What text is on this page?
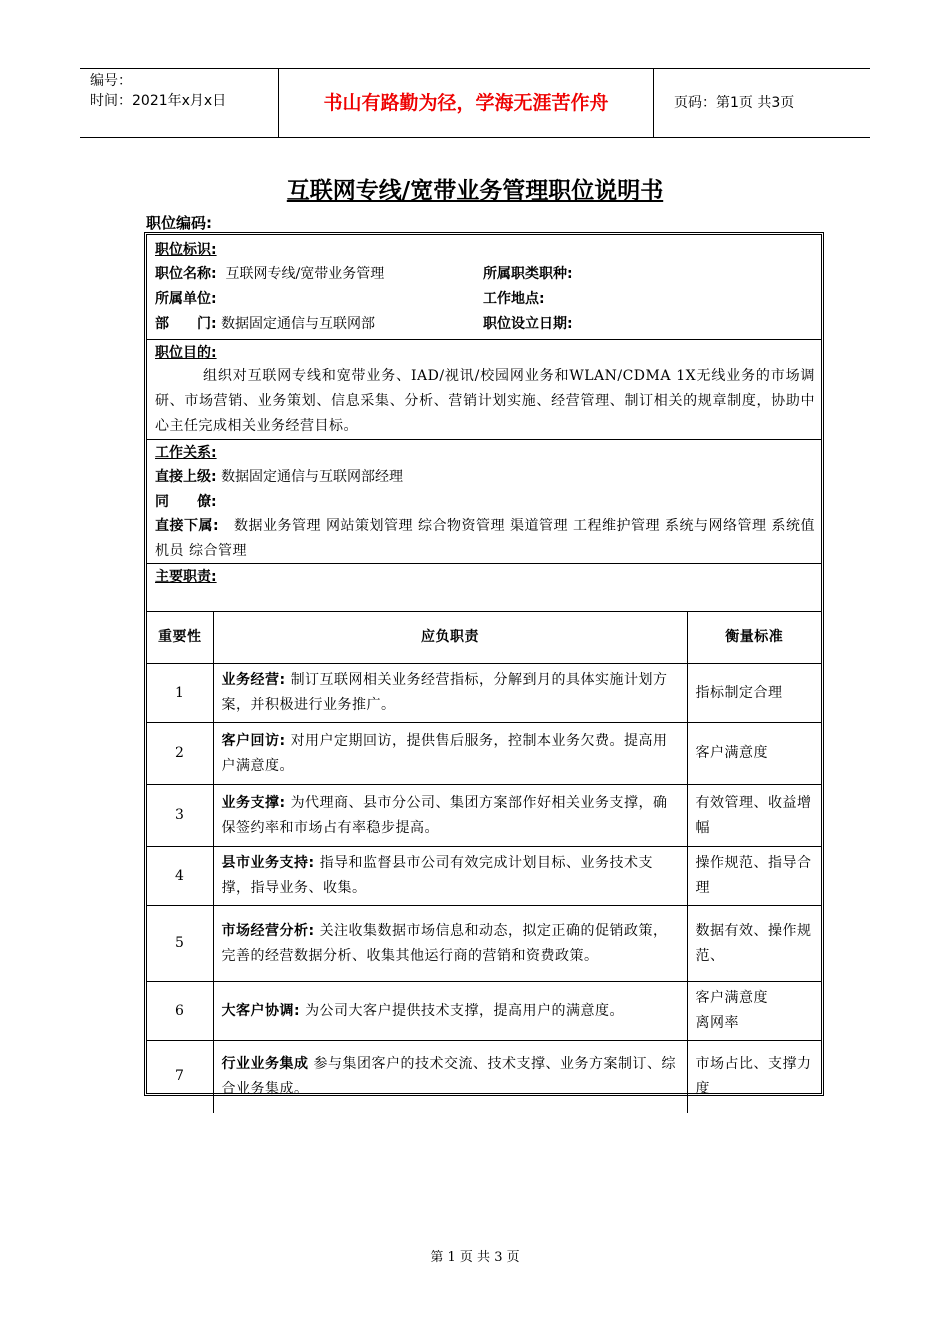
编号：
时间：2021年x月x日	书山有路勤为径，学海无涯苦作舟	页码：第1页 共3页
互联网专线/宽带业务管理职位说明书
职位编码:
职位标识:
职位名称: 互联网专线/宽带业务管理	所属职类职种:
所属单位:	工作地点:
部　　门: 数据固定通信与互联网部	职位设立日期:
职位目的:
组织对互联网专线和宽带业务、IAD/视讯/校园网业务和WLAN/CDMA 1X无线业务的市场调研、市场营销、业务策划、信息采集、分析、营销计划实施、经营管理、制订相关的规章制度，协助中心主任完成相关业务经营目标。
工作关系:
直接上级: 数据固定通信与互联网部经理
同　　僚:
直接下属: 数据业务管理 网站策划管理 综合物资管理 渠道管理 工程维护管理 系统与网络管理 系统值机员 综合管理
主要职责:
重要性	应负职责	衡量标准
1	业务经营: 制订互联网相关业务经营指标，分解到月的具体实施计划方案，并积极进行业务推广。	指标制定合理
2	客户回访: 对用户定期回访，提供售后服务，控制本业务欠费。提高用户满意度。	客户满意度
3	业务支撑: 为代理商、县市分公司、集团方案部作好相关业务支撑，确保签约率和市场占有率稳步提高。	有效管理、收益增幅
4	县市业务支持: 指导和监督县市公司有效完成计划目标、业务技术支撑，指导业务、收集。	操作规范、指导合理
5	市场经营分析: 关注收集数据市场信息和动态，拟定正确的促销政策，完善的经营数据分析、收集其他运行商的营销和资费政策。	数据有效、操作规范、
6	大客户协调: 为公司大客户提供技术支撑，提高用户的满意度。	客户满意度
离网率
7	行业业务集成 参与集团客户的技术交流、技术支撑、业务方案制订、综合业务集成。	市场占比、支撑力度
第 1 页 共 3 页
